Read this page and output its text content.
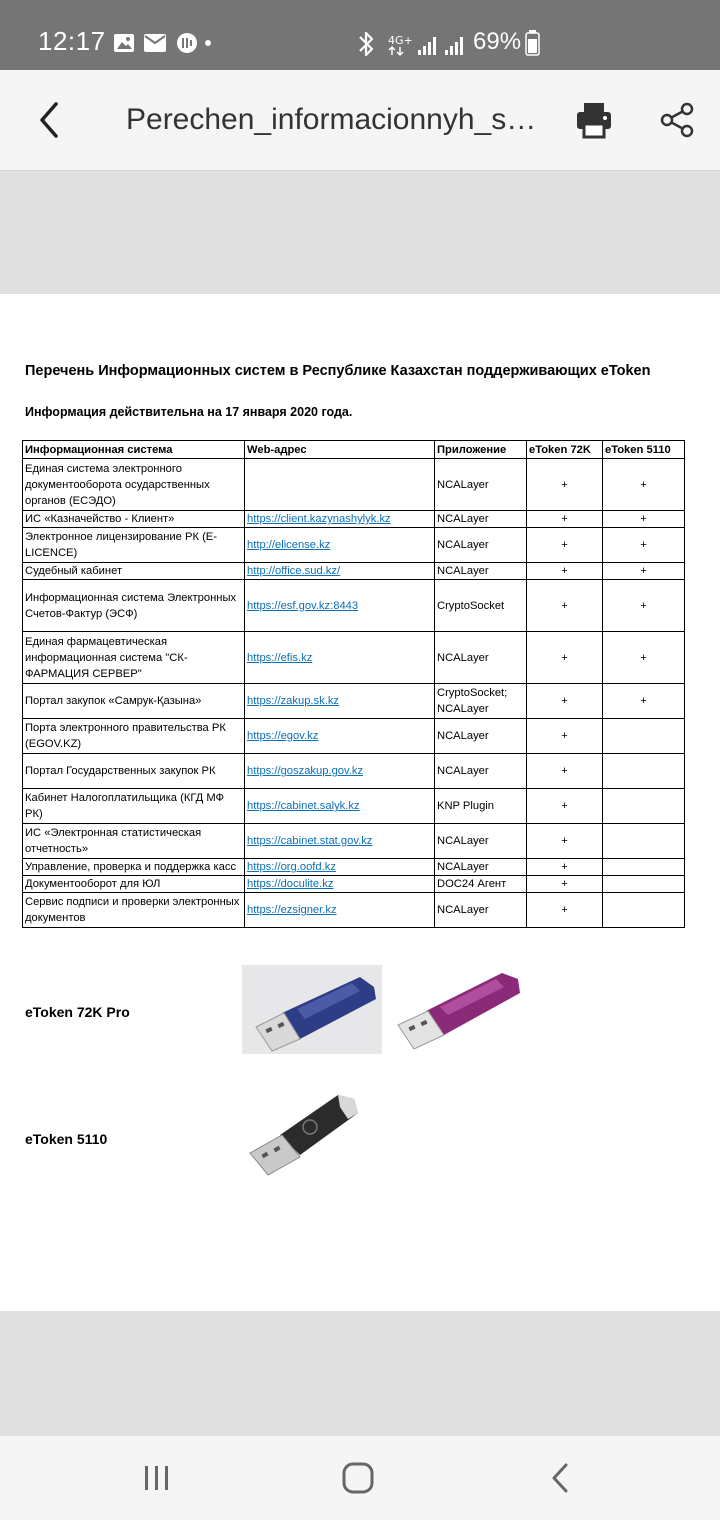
12:17	4G+	69%
Perechen_informacionnyh_s…
Перечень Информационных систем в Республике Казахстан поддерживающих eToken
Информация действительна на 17 января 2020 года.
Информационная система	Web-адрес	Приложение	eToken 72K	eToken 5110
Единая система электронного документооборота осударственных органов (ЕСЭДО)		NCALayer	+	+
ИС «Казначейство - Клиент»	https://client.kazynashylyk.kz	NCALayer	+	+
Электронное лицензирование РК (E-LICENCE)	http://elicense.kz	NCALayer	+	+
Судебный кабинет	http://office.sud.kz/	NCALayer	+	+
Информационная система Электронных Счетов-Фактур (ЭСФ)	https://esf.gov.kz:8443	CryptoSocket	+	+
Единая фармацевтическая информационная система "СК-ФАРМАЦИЯ СЕРВЕР"	https://efis.kz	NCALayer	+	+
Портал закупок «Самрук-Қазына»	https://zakup.sk.kz	CryptoSocket; NCALayer	+	+
Порта электронного правительства РК (EGOV.KZ)	https://egov.kz	NCALayer	+	
Портал Государственных закупок РК	https://goszakup.gov.kz	NCALayer	+	
Кабинет Налогоплатильщика (КГД МФ РК)	https://cabinet.salyk.kz	KNP Plugin	+	
ИС «Электронная статистическая отчетность»	https://cabinet.stat.gov.kz	NCALayer	+	
Управление, проверка и поддержка касс	https://org.oofd.kz	NCALayer	+	
Документооборот для ЮЛ	https://doculite.kz	DOC24 Агент	+	
Сервис подписи и проверки электронных документов	https://ezsigner.kz	NCALayer	+	
eToken 72K Pro
eToken 5110
